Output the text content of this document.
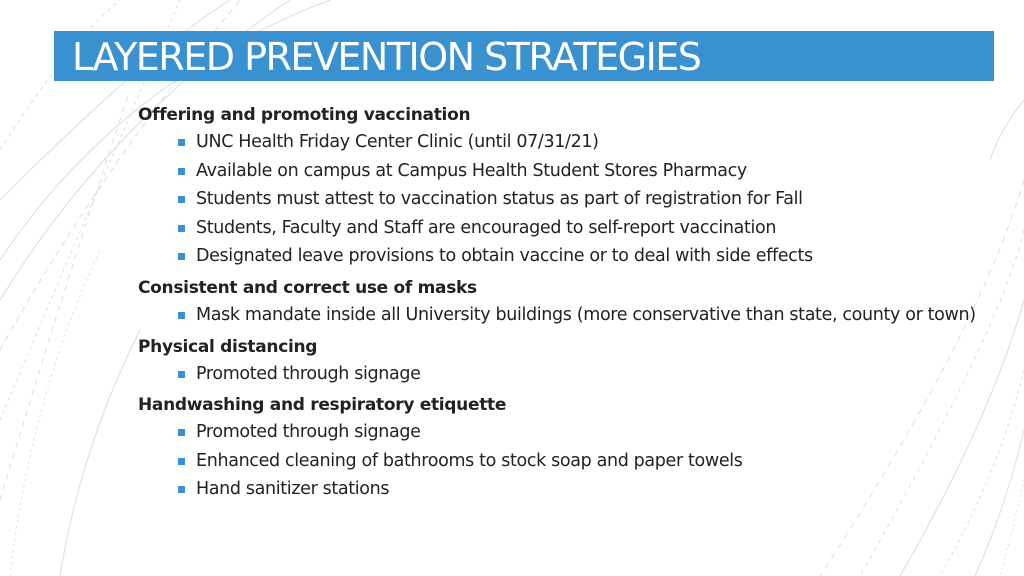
LAYERED PREVENTION STRATEGIES
Offering and promoting vaccination
UNC Health Friday Center Clinic (until 07/31/21)
Available on campus at Campus Health Student Stores Pharmacy
Students must attest to vaccination status as part of registration for Fall
Students, Faculty and Staff are encouraged to self-report vaccination
Designated leave provisions to obtain vaccine or to deal with side effects
Consistent and correct use of masks
Mask mandate inside all University buildings (more conservative than state, county or town)
Physical distancing
Promoted through signage
Handwashing and respiratory etiquette
Promoted through signage
Enhanced cleaning of bathrooms to stock soap and paper towels
Hand sanitizer stations
